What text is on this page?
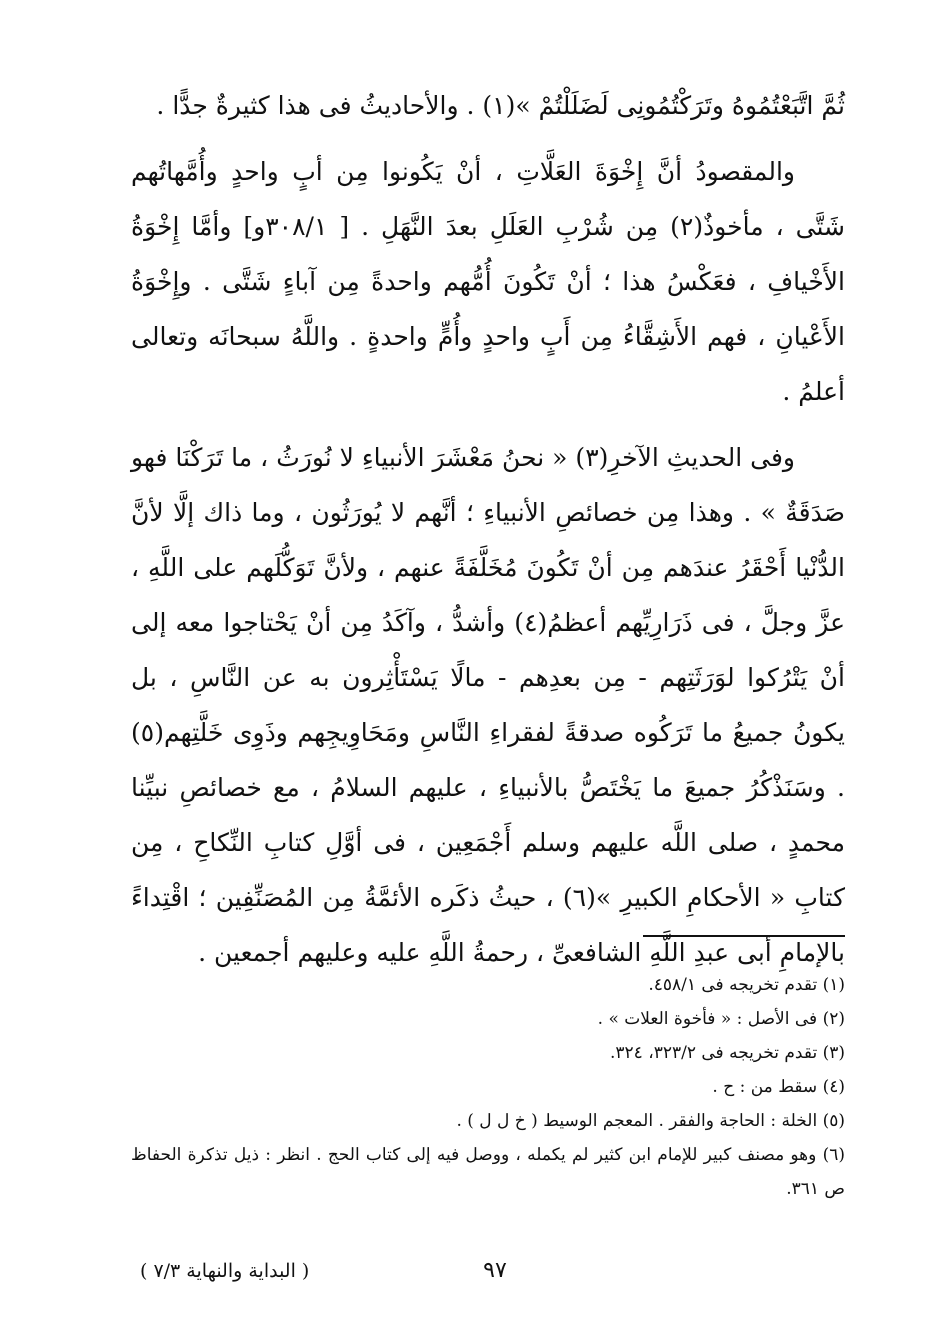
ثُمَّ اتَّبَعْتُمُوهُ وتَرَكْتُمُونِى لَضَلَلْتُمْ »(١) . والأحاديثُ فى هذا كثيرةٌ جدًّا .

والمقصودُ أنَّ إِخْوَةَ العَلَّاتِ ، أنْ يَكُونوا مِن أبٍ واحدٍ وأُمَّهاتُهم شَتَّى ، مأخوذٌ(٢) مِن شُرْبِ العَلَلِ بعدَ النَّهَلِ . [ ٣٠٨/١و] وأمَّا إِخْوَةُ الأَخْيافِ ، فعَكْسُ هذا ؛ أنْ تَكُونَ أُمُّهم واحدةً مِن آباءٍ شَتَّى . وإِخْوَةُ الأَعْيانِ ، فهم الأَشِقَّاءُ مِن أَبٍ واحدٍ وأُمٍّ واحدةٍ . واللَّهُ سبحانَه وتعالى أعلمُ .

وفى الحديثِ الآخرِ(٣) « نحنُ مَعْشَرَ الأنبياءِ لا نُورَثُ ، ما تَرَكْنَا فهو صَدَقَةٌ » . وهذا مِن خصائصِ الأنبياءِ ؛ أنَّهم لا يُورَثُون ، وما ذاك إلَّا لأنَّ الدُّنْيا أَحْقَرُ عندَهم مِن أنْ تَكُونَ مُخَلَّفَةً عنهم ، ولأنَّ تَوَكُّلَهم على اللَّهِ ، عزَّ وجلَّ ، فى ذَرَارِيِّهم أعظمُ(٤) وأشدُّ ، وآكَدُ مِن أنْ يَحْتاجوا معه إلى أنْ يَتْرُكوا لوَرَثَتِهم - مِن بعدِهم - مالًا يَسْتَأْثِرون به عن النَّاسِ ، بل يكونُ جميعُ ما تَرَكُوه صدقةً لفقراءِ النَّاسِ ومَحَاوِيجِهم وذَوِى خَلَّتِهم(٥) . وسَنَذْكُرُ جميعَ ما يَخْتَصُّ بالأنبياءِ ، عليهم السلامُ ، مع خصائصِ نبيِّنا محمدٍ ، صلى اللَّه عليهم وسلم أَجْمَعِين ، فى أوَّلِ كتابِ النِّكاحِ ، مِن كتابِ « الأحكامِ الكبيرِ »(٦) ، حيثُ ذكَره الأئمَّةُ مِن المُصَنِّفِين ؛ اقْتِداءً بالإمامِ أبى عبدِ اللَّهِ الشافعىِّ ، رحمةُ اللَّهِ عليه وعليهم أجمعين .

(١) تقدم تخريجه فى ٤٥٨/١.

(٢) فى الأصل : « فأخوة العلات » .

(٣) تقدم تخريجه فى ٣٢٣/٢، ٣٢٤.

(٤) سقط من : ح .

(٥) الخلة : الحاجة والفقر . المعجم الوسيط ( خ ل ل ) .

(٦) وهو مصنف كبير للإمام ابن كثير لم يكمله ، ووصل فيه إلى كتاب الحج . انظر : ذيل تذكرة الحفاظ ص ٣٦١.

٩٧
( البداية والنهاية ٧/٣ )
